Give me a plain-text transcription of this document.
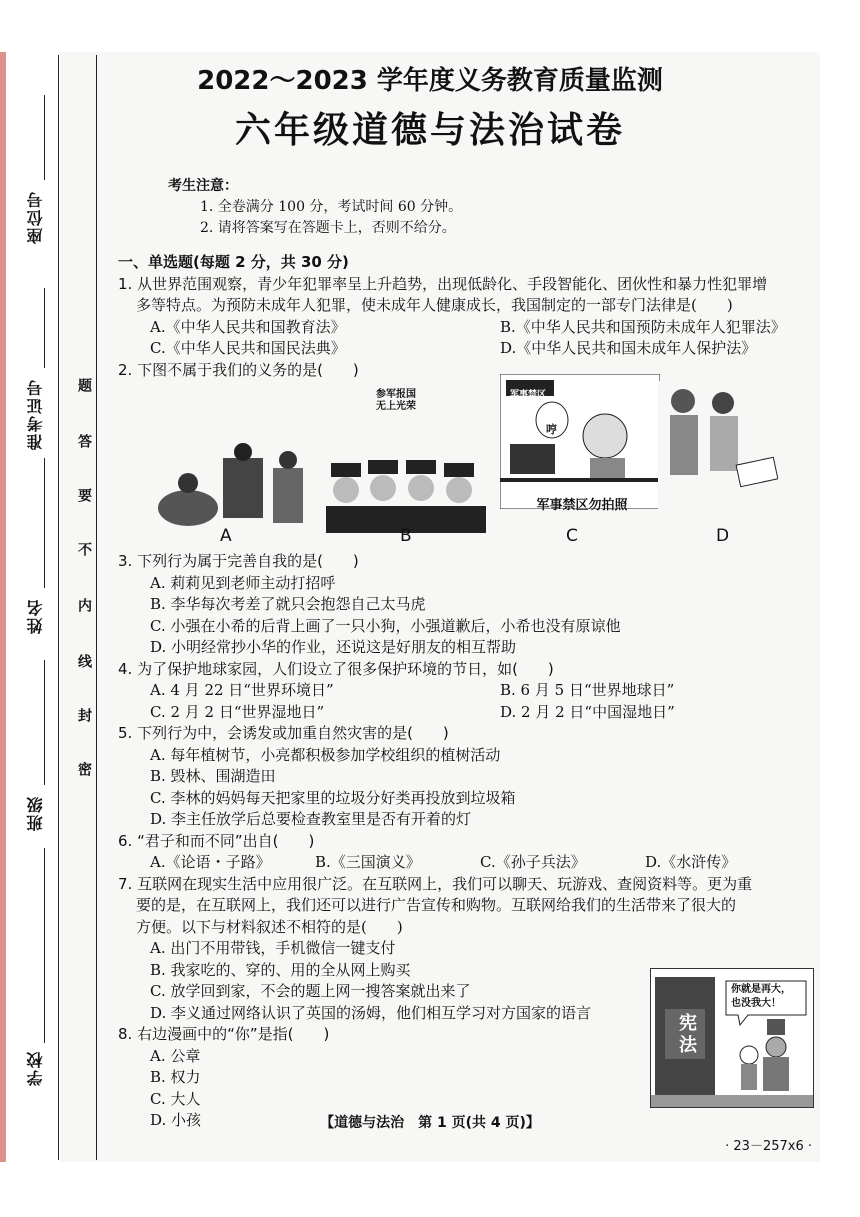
座位号
准考证号
姓名
班级
学校
题
答
要
不
内
线
封
密
2022～2023 学年度义务教育质量监测
六年级道德与法治试卷
考生注意：
1. 全卷满分 100 分，考试时间 60 分钟。
2. 请将答案写在答题卡上，否则不给分。
一、单选题(每题 2 分，共 30 分)
1. 从世界范围观察，青少年犯罪率呈上升趋势，出现低龄化、手段智能化、团伙性和暴力性犯罪增
多等特点。为预防未成年人犯罪，使未成年人健康成长，我国制定的一部专门法律是(　　)
A.《中华人民共和国教育法》	B.《中华人民共和国预防未成年人犯罪法》
C.《中华人民共和国民法典》	D.《中华人民共和国未成年人保护法》
2. 下图不属于我们的义务的是(　　)
A
参军报国
无上光荣
B
军事禁区
哼
军事禁区勿拍照
C	D
3. 下列行为属于完善自我的是(　　)
A. 莉莉见到老师主动打招呼
B. 李华每次考差了就只会抱怨自己太马虎
C. 小强在小希的后背上画了一只小狗，小强道歉后，小希也没有原谅他
D. 小明经常抄小华的作业，还说这是好朋友的相互帮助
4. 为了保护地球家园，人们设立了很多保护环境的节日，如(　　)
A. 4 月 22 日“世界环境日”	B. 6 月 5 日“世界地球日”
C. 2 月 2 日“世界湿地日”	D. 2 月 2 日“中国湿地日”
5. 下列行为中，会诱发或加重自然灾害的是(　　)
A. 每年植树节，小亮都积极参加学校组织的植树活动
B. 毁林、围湖造田
C. 李林的妈妈每天把家里的垃圾分好类再投放到垃圾箱
D. 李主任放学后总要检查教室里是否有开着的灯
6. “君子和而不同”出自(　　)
A.《论语・子路》	B.《三国演义》	C.《孙子兵法》	D.《水浒传》
7. 互联网在现实生活中应用很广泛。在互联网上，我们可以聊天、玩游戏、查阅资料等。更为重
要的是，在互联网上，我们还可以进行广告宣传和购物。互联网给我们的生活带来了很大的
方便。以下与材料叙述不相符的是(　　)
A. 出门不用带钱，手机微信一键支付
B. 我家吃的、穿的、用的全从网上购买
C. 放学回到家，不会的题上网一搜答案就出来了
D. 李义通过网络认识了英国的汤姆，他们相互学习对方国家的语言
8. 右边漫画中的“你”是指(　　)
A. 公章
B. 权力
C. 大人
D. 小孩
宪法
你就是再大，
也没我大！
【道德与法治　第 1 页(共 4 页)】
· 23－257x6 ·
